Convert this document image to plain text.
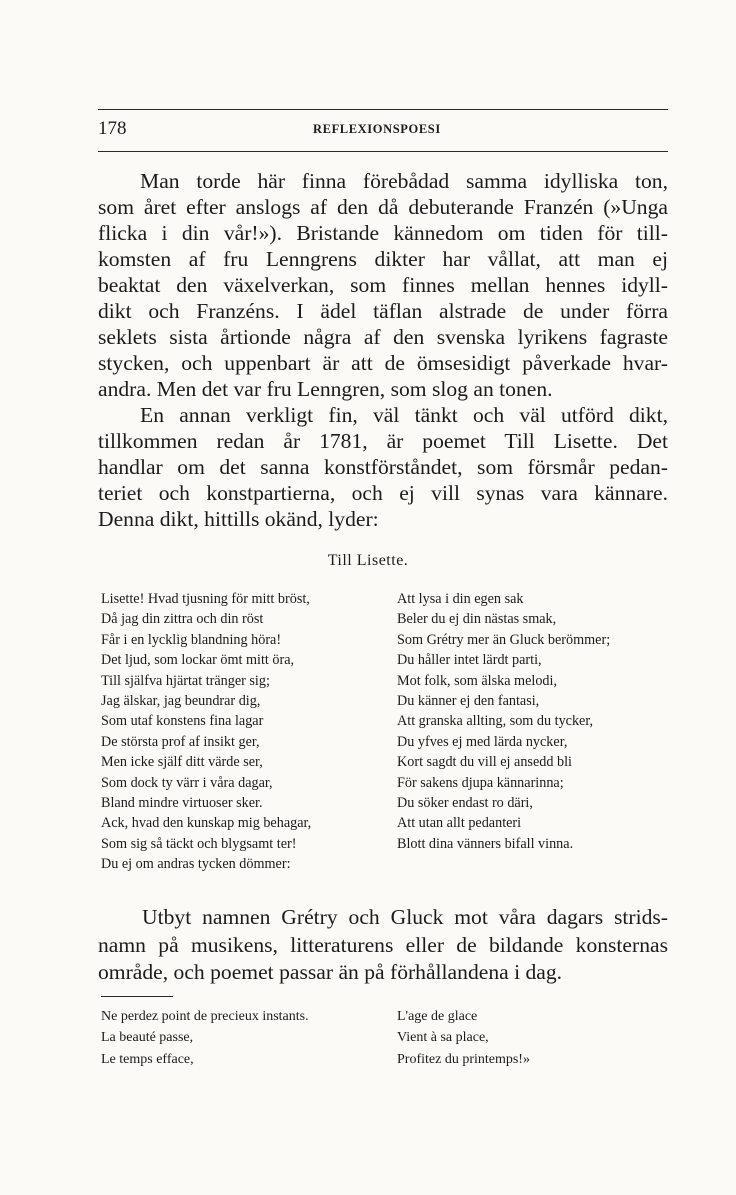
178	REFLEXIONSPOESI
Man torde här finna förebådad samma idylliska ton,
som året efter anslogs af den då debuterande Franzén (»Unga
flicka i din vår!»). Bristande kännedom om tiden för till-
komsten af fru Lenngrens dikter har vållat, att man ej
beaktat den växelverkan, som finnes mellan hennes idyll-
dikt och Franzéns. I ädel täflan alstrade de under förra
seklets sista årtionde några af den svenska lyrikens fagraste
stycken, och uppenbart är att de ömsesidigt påverkade hvar-
andra. Men det var fru Lenngren, som slog an tonen.
En annan verkligt fin, väl tänkt och väl utförd dikt,
tillkommen redan år 1781, är poemet Till Lisette. Det
handlar om det sanna konstförståndet, som försmår pedan-
teriet och konstpartierna, och ej vill synas vara kännare.
Denna dikt, hittills okänd, lyder:
Till Lisette.
Lisette! Hvad tjusning för mitt bröst,
Då jag din zittra och din röst
Får i en lycklig blandning höra!
Det ljud, som lockar ömt mitt öra,
Till själfva hjärtat tränger sig;
Jag älskar, jag beundrar dig,
Som utaf konstens fina lagar
De största prof af insikt ger,
Men icke själf ditt värde ser,
Som dock ty värr i våra dagar,
Bland mindre virtuoser sker.
Ack, hvad den kunskap mig behagar,
Som sig så täckt och blygsamt ter!
Du ej om andras tycken dömmer:
Att lysa i din egen sak
Beler du ej din nästas smak,
Som Grétry mer än Gluck berömmer;
Du håller intet lärdt parti,
Mot folk, som älska melodi,
Du känner ej den fantasi,
Att granska allting, som du tycker,
Du yfves ej med lärda nycker,
Kort sagdt du vill ej ansedd bli
För sakens djupa kännarinna;
Du söker endast ro däri,
Att utan allt pedanteri
Blott dina vänners bifall vinna.
Utbyt namnen Grétry och Gluck mot våra dagars strids-
namn på musikens, litteraturens eller de bildande konsternas
område, och poemet passar än på förhållandena i dag.
Ne perdez point de precieux instants.
La beauté passe,
Le temps efface,
L'age de glace
Vient à sa place,
Profitez du printemps!»
